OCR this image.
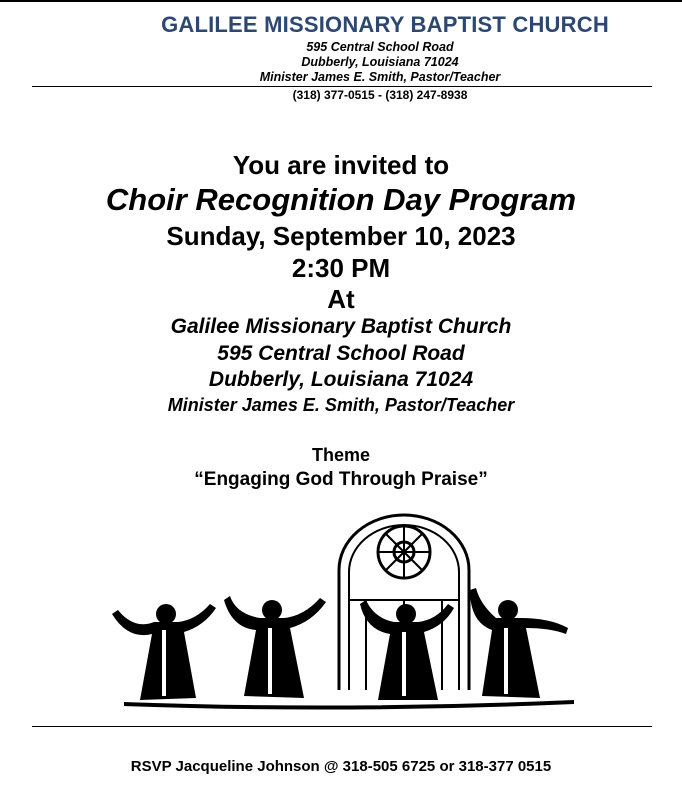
GALILEE MISSIONARY BAPTIST CHURCH
595 Central School Road
Dubberly, Louisiana 71024
Minister James E. Smith, Pastor/Teacher
(318) 377-0515 - (318) 247-8938
You are invited to
Choir Recognition Day Program
Sunday, September 10, 2023
2:30 PM
At
Galilee Missionary Baptist Church
595 Central School Road
Dubberly, Louisiana 71024
Minister James E. Smith, Pastor/Teacher
Theme
“Engaging God Through Praise”
RSVP Jacqueline Johnson @ 318-505 6725 or 318-377 0515
